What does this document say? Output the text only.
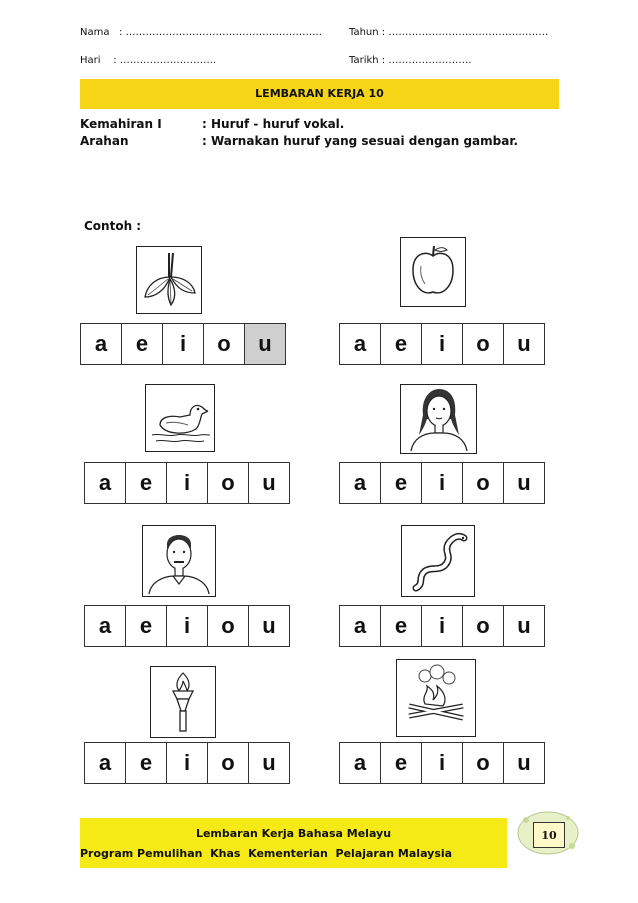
Nama   : …………………………………………………..	Tahun : …………………………………………
Hari    : ………………………..	Tarikh : …………………….
LEMBARAN KERJA 10
Kemahiran I	: Huruf - huruf vokal.
Arahan	: Warnakan huruf yang sesuai dengan gambar.
Contoh :
a	e	i	o	u	a	e	i	o	u
a	e	i	o	u	a	e	i	o	u
a	e	i	o	u	a	e	i	o	u
a	e	i	o	u	a	e	i	o	u
Lembaran Kerja Bahasa Melayu
Program Pemulihan  Khas  Kementerian  Pelajaran Malaysia
10
